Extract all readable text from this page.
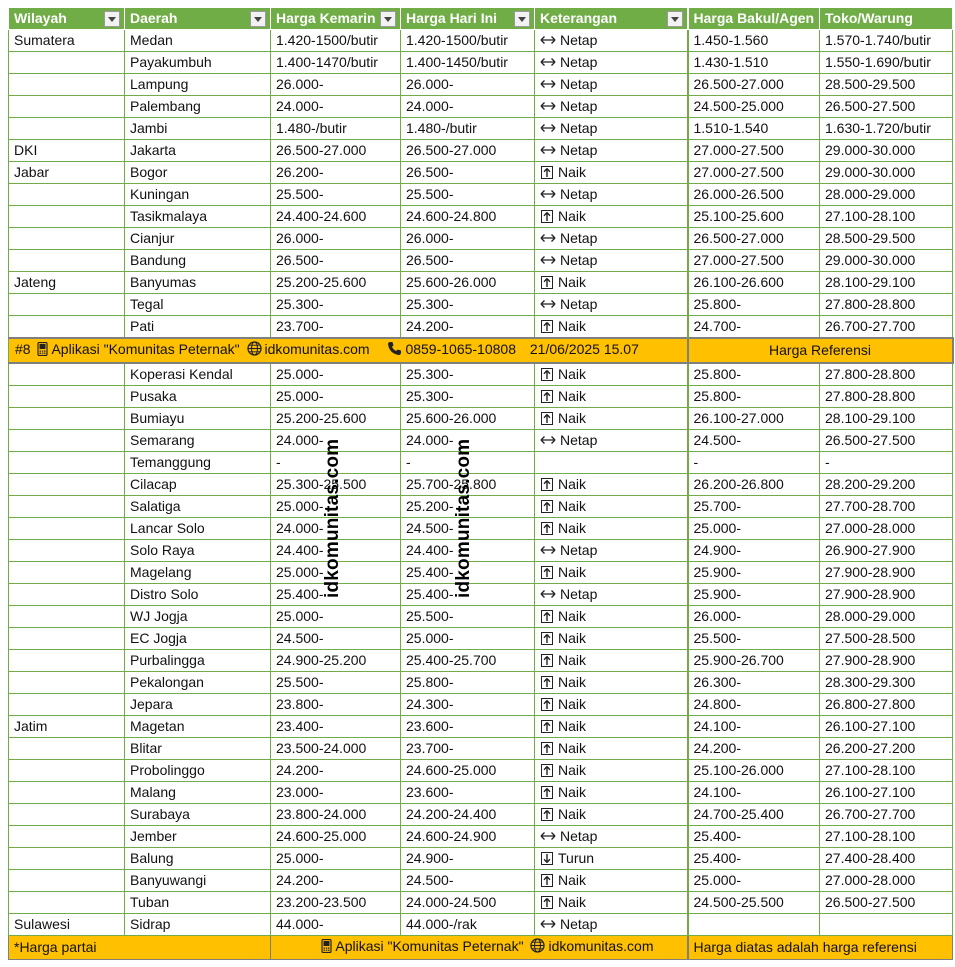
Wilayah	Daerah	Harga Kemarin	Harga Hari Ini	Keterangan	Harga Bakul/Agen	Toko/Warung
Sumatera	Medan	1.420-1500/butir	1.420-1500/butir	Netap	1.450-1.560	1.570-1.740/butir
	Payakumbuh	1.400-1470/butir	1.400-1450/butir	Netap	1.430-1.510	1.550-1.690/butir
	Lampung	26.000-	26.000-	Netap	26.500-27.000	28.500-29.500
	Palembang	24.000-	24.000-	Netap	24.500-25.000	26.500-27.500
	Jambi	1.480-/butir	1.480-/butir	Netap	1.510-1.540	1.630-1.720/butir
DKI	Jakarta	26.500-27.000	26.500-27.000	Netap	27.000-27.500	29.000-30.000
Jabar	Bogor	26.200-	26.500-	Naik	27.000-27.500	29.000-30.000
	Kuningan	25.500-	25.500-	Netap	26.000-26.500	28.000-29.000
	Tasikmalaya	24.400-24.600	24.600-24.800	Naik	25.100-25.600	27.100-28.100
	Cianjur	26.000-	26.000-	Netap	26.500-27.000	28.500-29.500
	Bandung	26.500-	26.500-	Netap	27.000-27.500	29.000-30.000
Jateng	Banyumas	25.200-25.600	25.600-26.000	Naik	26.100-26.600	28.100-29.100
	Tegal	25.300-	25.300-	Netap	25.800-	27.800-28.800
	Pati	23.700-	24.200-	Naik	24.700-	26.700-27.700
#8 Aplikasi "Komunitas Peternak" idkomunitas.com 0859-1065-10808 21/06/2025 15.07					Harga Referensi	
	Koperasi Kendal	25.000-	25.300-	Naik	25.800-	27.800-28.800
	Pusaka	25.000-	25.300-	Naik	25.800-	27.800-28.800
	Bumiayu	25.200-25.600	25.600-26.000	Naik	26.100-27.000	28.100-29.100
	Semarang	24.000-	24.000-	Netap	24.500-	26.500-27.500
	Temanggung	-	-		-	-
	Cilacap	25.300-25.500	25.700-25.800	Naik	26.200-26.800	28.200-29.200
	Salatiga	25.000-	25.200-	Naik	25.700-	27.700-28.700
	Lancar Solo	24.000-	24.500-	Naik	25.000-	27.000-28.000
	Solo Raya	24.400-	24.400-	Netap	24.900-	26.900-27.900
	Magelang	25.000-	25.400-	Naik	25.900-	27.900-28.900
	Distro Solo	25.400-	25.400-	Netap	25.900-	27.900-28.900
	WJ Jogja	25.000-	25.500-	Naik	26.000-	28.000-29.000
	EC Jogja	24.500-	25.000-	Naik	25.500-	27.500-28.500
	Purbalingga	24.900-25.200	25.400-25.700	Naik	25.900-26.700	27.900-28.900
	Pekalongan	25.500-	25.800-	Naik	26.300-	28.300-29.300
	Jepara	23.800-	24.300-	Naik	24.800-	26.800-27.800
Jatim	Magetan	23.400-	23.600-	Naik	24.100-	26.100-27.100
	Blitar	23.500-24.000	23.700-	Naik	24.200-	26.200-27.200
	Probolinggo	24.200-	24.600-25.000	Naik	25.100-26.000	27.100-28.100
	Malang	23.000-	23.600-	Naik	24.100-	26.100-27.100
	Surabaya	23.800-24.000	24.200-24.400	Naik	24.700-25.400	26.700-27.700
	Jember	24.600-25.000	24.600-24.900	Netap	25.400-	27.100-28.100
	Balung	25.000-	24.900-	Turun	25.400-	27.400-28.400
	Banyuwangi	24.200-	24.500-	Naik	25.000-	27.000-28.000
	Tuban	23.200-23.500	24.000-24.500	Naik	24.500-25.500	26.500-27.500
Sulawesi	Sidrap	44.000-	44.000-/rak	Netap		
*Harga partai		Aplikasi "Komunitas Peternak" idkomunitas.com			Harga diatas adalah harga referensi	
idkomunitas.com	idkomunitas.com
